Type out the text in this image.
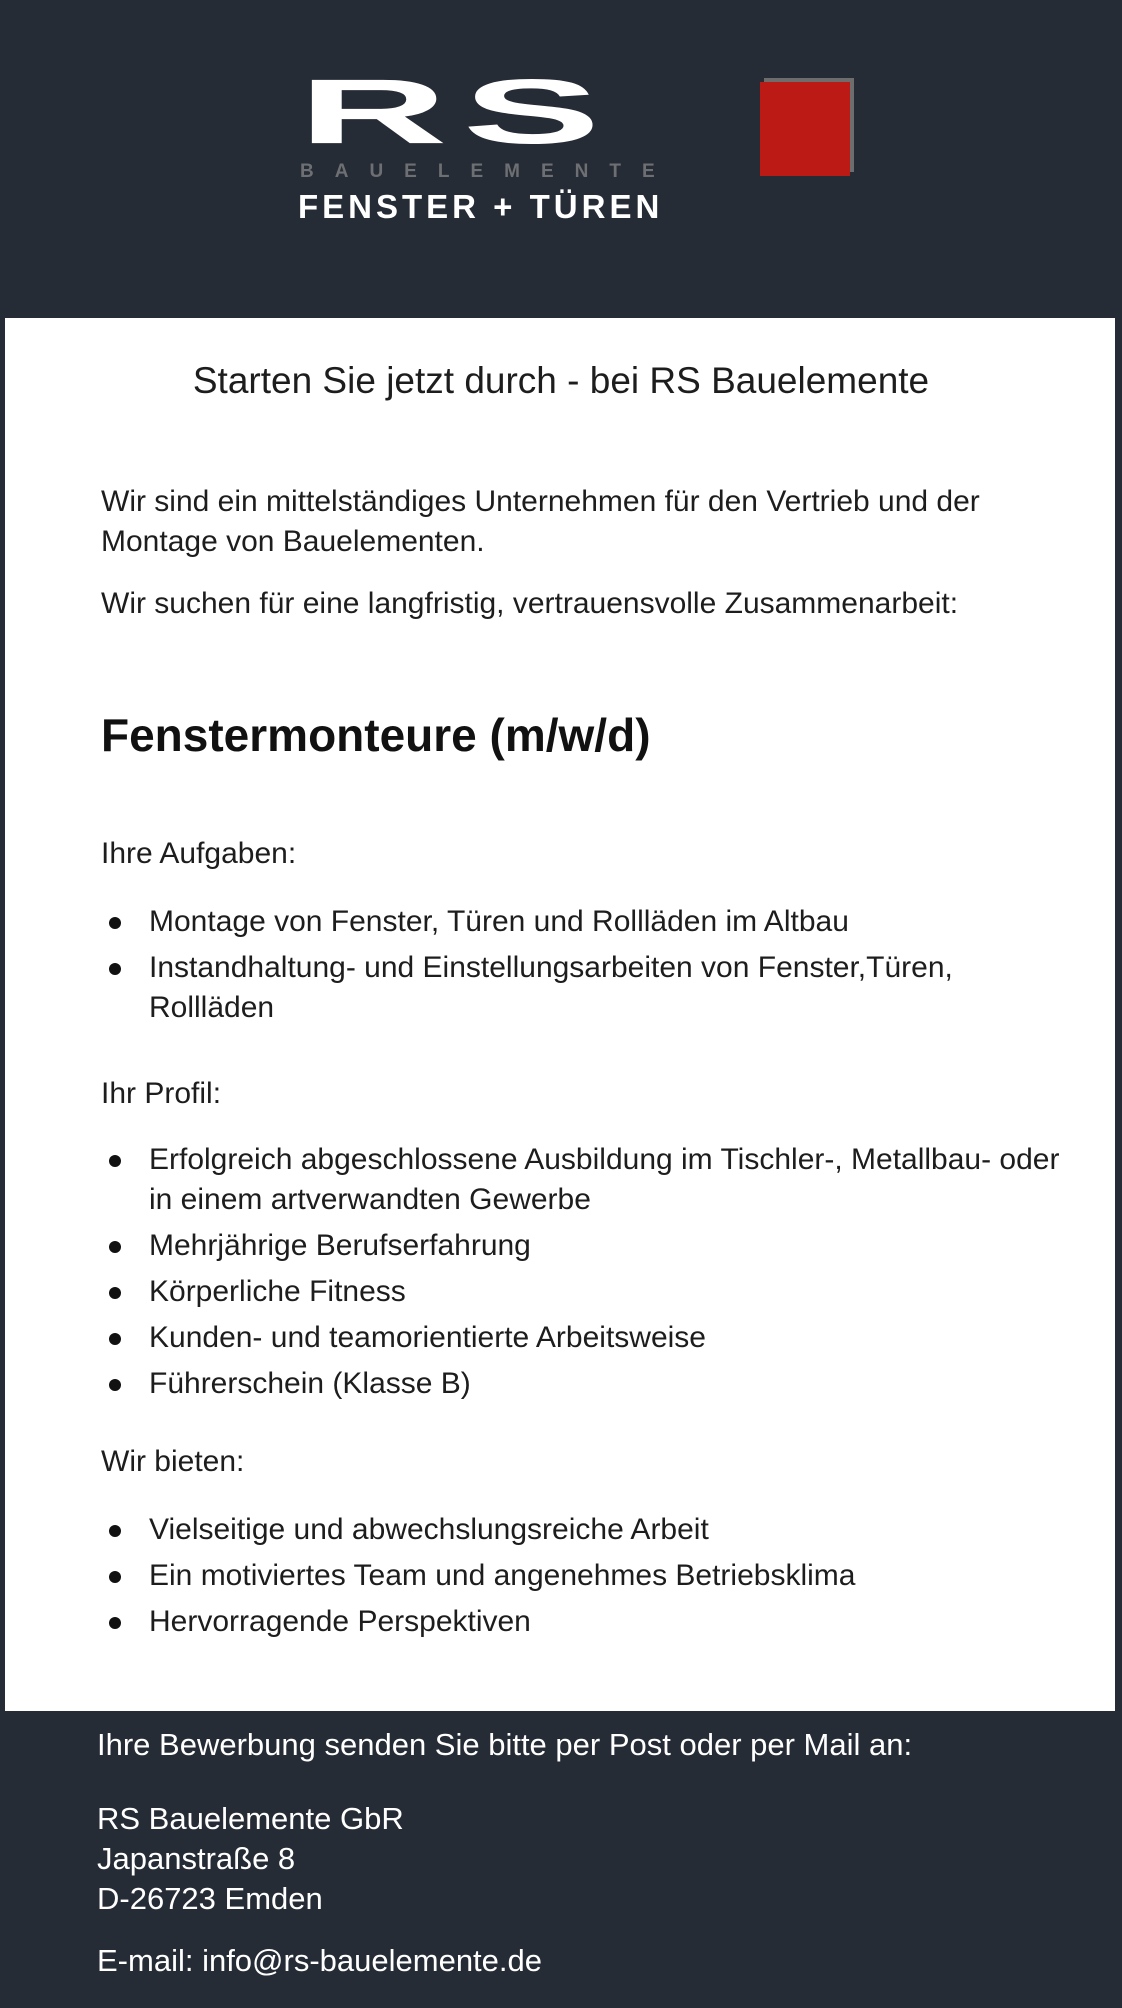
RS
BAUELEMENTE
FENSTER + TÜREN
Starten Sie jetzt durch - bei RS Bauelemente

Wir sind ein mittelständiges Unternehmen für den Vertrieb und der Montage von Bauelementen.

Wir suchen für eine langfristig, vertrauensvolle Zusammenarbeit:

Fenstermonteure (m/w/d)

Ihre Aufgaben:

Montage von Fenster, Türen und Rollläden im Altbau
Instandhaltung- und Einstellungsarbeiten von Fenster,Türen, Rollläden

Ihr Profil:

Erfolgreich abgeschlossene Ausbildung im Tischler-, Metallbau- oder in einem artverwandten Gewerbe
Mehrjährige Berufserfahrung
Körperliche Fitness
Kunden- und teamorientierte Arbeitsweise
Führerschein (Klasse B)

Wir bieten:

Vielseitige und abwechslungsreiche Arbeit
Ein motiviertes Team und angenehmes Betriebsklima
Hervorragende Perspektiven

Ihre Bewerbung senden Sie bitte per Post oder per Mail an:

RS Bauelemente GbR

Japanstraße 8

D-26723 Emden

E-mail: info@rs-bauelemente.de
